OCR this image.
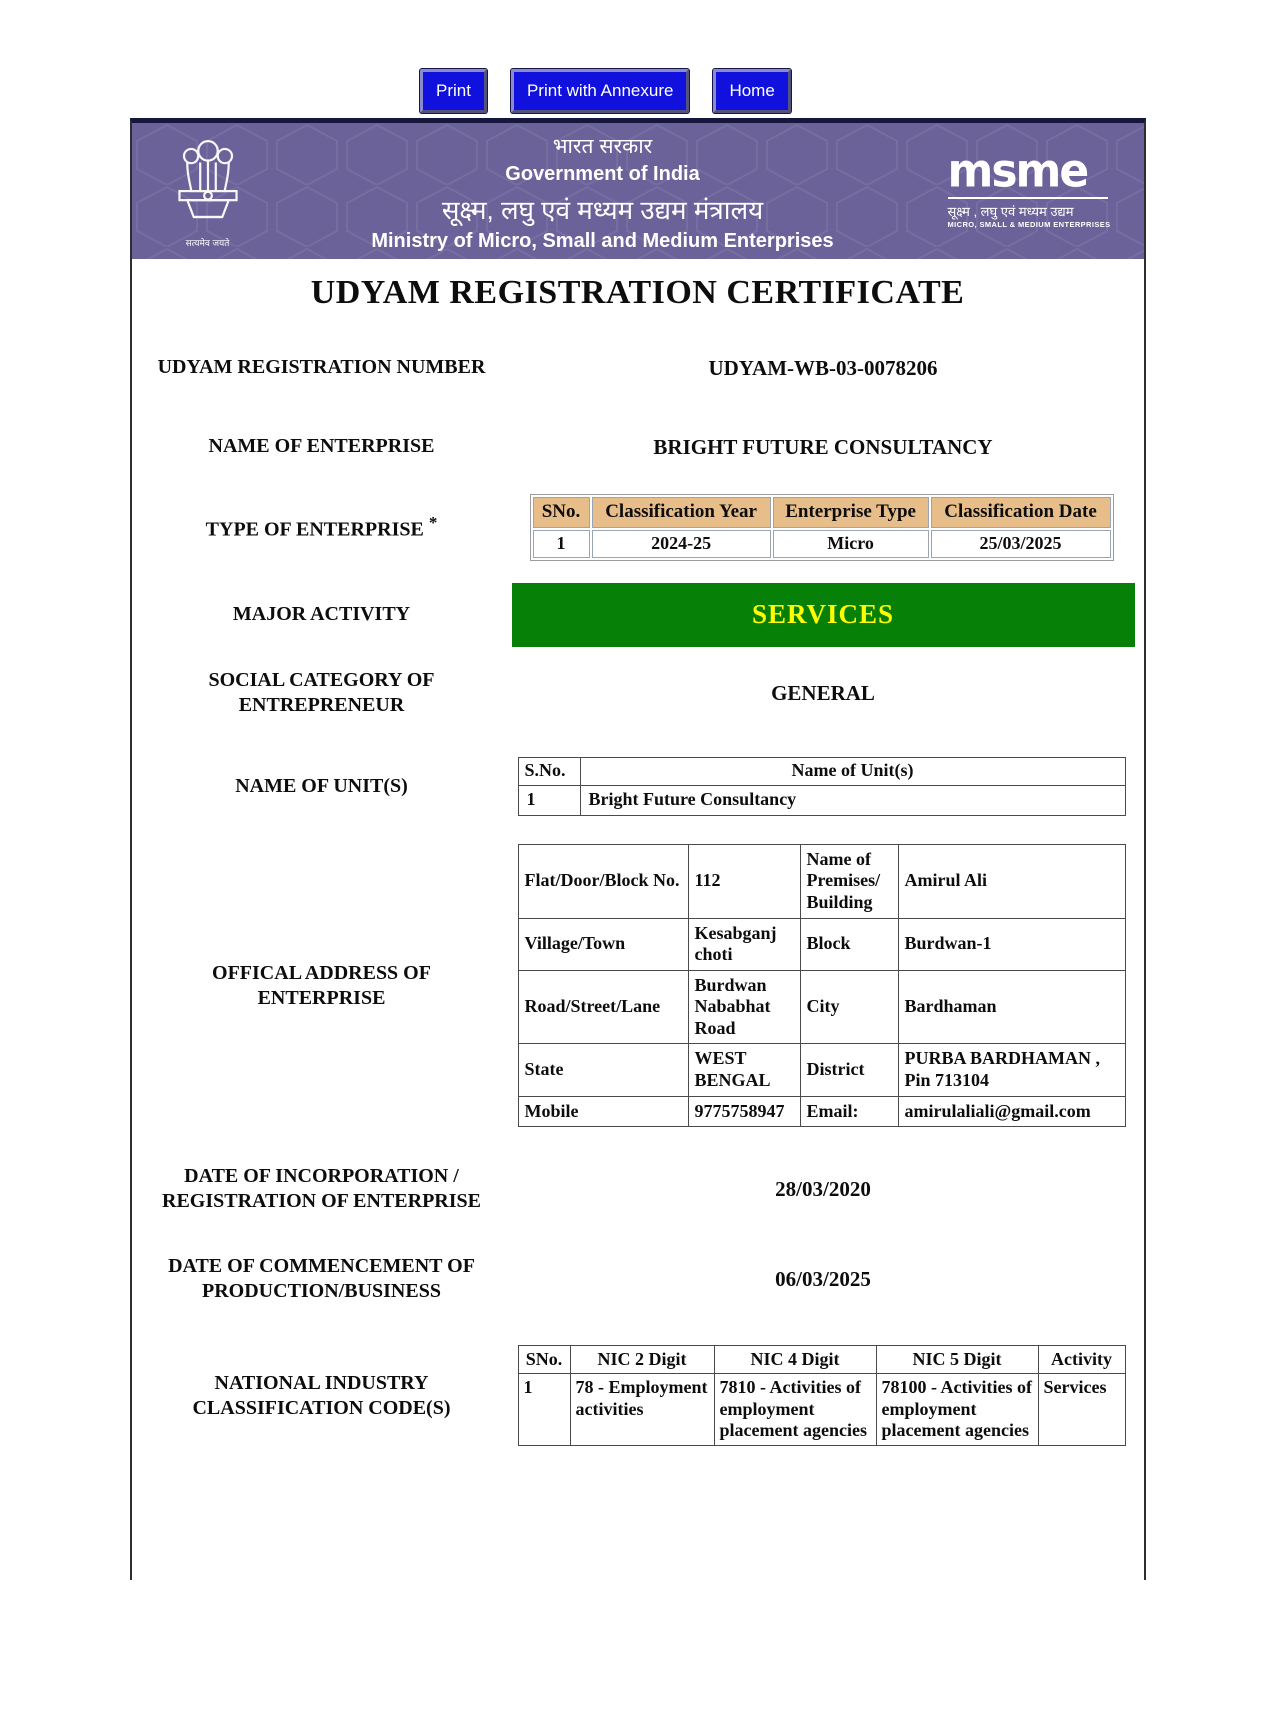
Print	Print with Annexure	Home
सत्यमेव जयते
भारत सरकार
Government of India
सूक्ष्म, लघु एवं मध्यम उद्यम मंत्रालय
Ministry of Micro, Small and Medium Enterprises
msme
सूक्ष्म , लघु एवं मध्यम उद्यम
MICRO, SMALL & MEDIUM ENTERPRISES
UDYAM REGISTRATION CERTIFICATE
UDYAM REGISTRATION NUMBER	UDYAM-WB-03-0078206
NAME OF ENTERPRISE	BRIGHT FUTURE CONSULTANCY
TYPE OF ENTERPRISE *
SNo.	Classification Year	Enterprise Type	Classification Date
1	2024-25	Micro	25/03/2025
MAJOR ACTIVITY	SERVICES
SOCIAL CATEGORY OF ENTREPRENEUR
GENERAL
NAME OF UNIT(S)
S.No.	Name of Unit(s)
1	Bright Future Consultancy
OFFICAL ADDRESS OF ENTERPRISE
Flat/Door/Block No.	112	Name of Premises/ Building	Amirul Ali
Village/Town	Kesabganj choti	Block	Burdwan-1
Road/Street/Lane	Burdwan Nababhat Road	City	Bardhaman
State	WEST BENGAL	District	PURBA BARDHAMAN , Pin 713104
Mobile	9775758947	Email:	amirulaliali@gmail.com
DATE OF INCORPORATION / REGISTRATION OF ENTERPRISE
28/03/2020
DATE OF COMMENCEMENT OF PRODUCTION/BUSINESS
06/03/2025
NATIONAL INDUSTRY CLASSIFICATION CODE(S)
SNo.	NIC 2 Digit	NIC 4 Digit	NIC 5 Digit	Activity
1	78 - Employment activities	7810 - Activities of employment placement agencies	78100 - Activities of employment placement agencies	Services
